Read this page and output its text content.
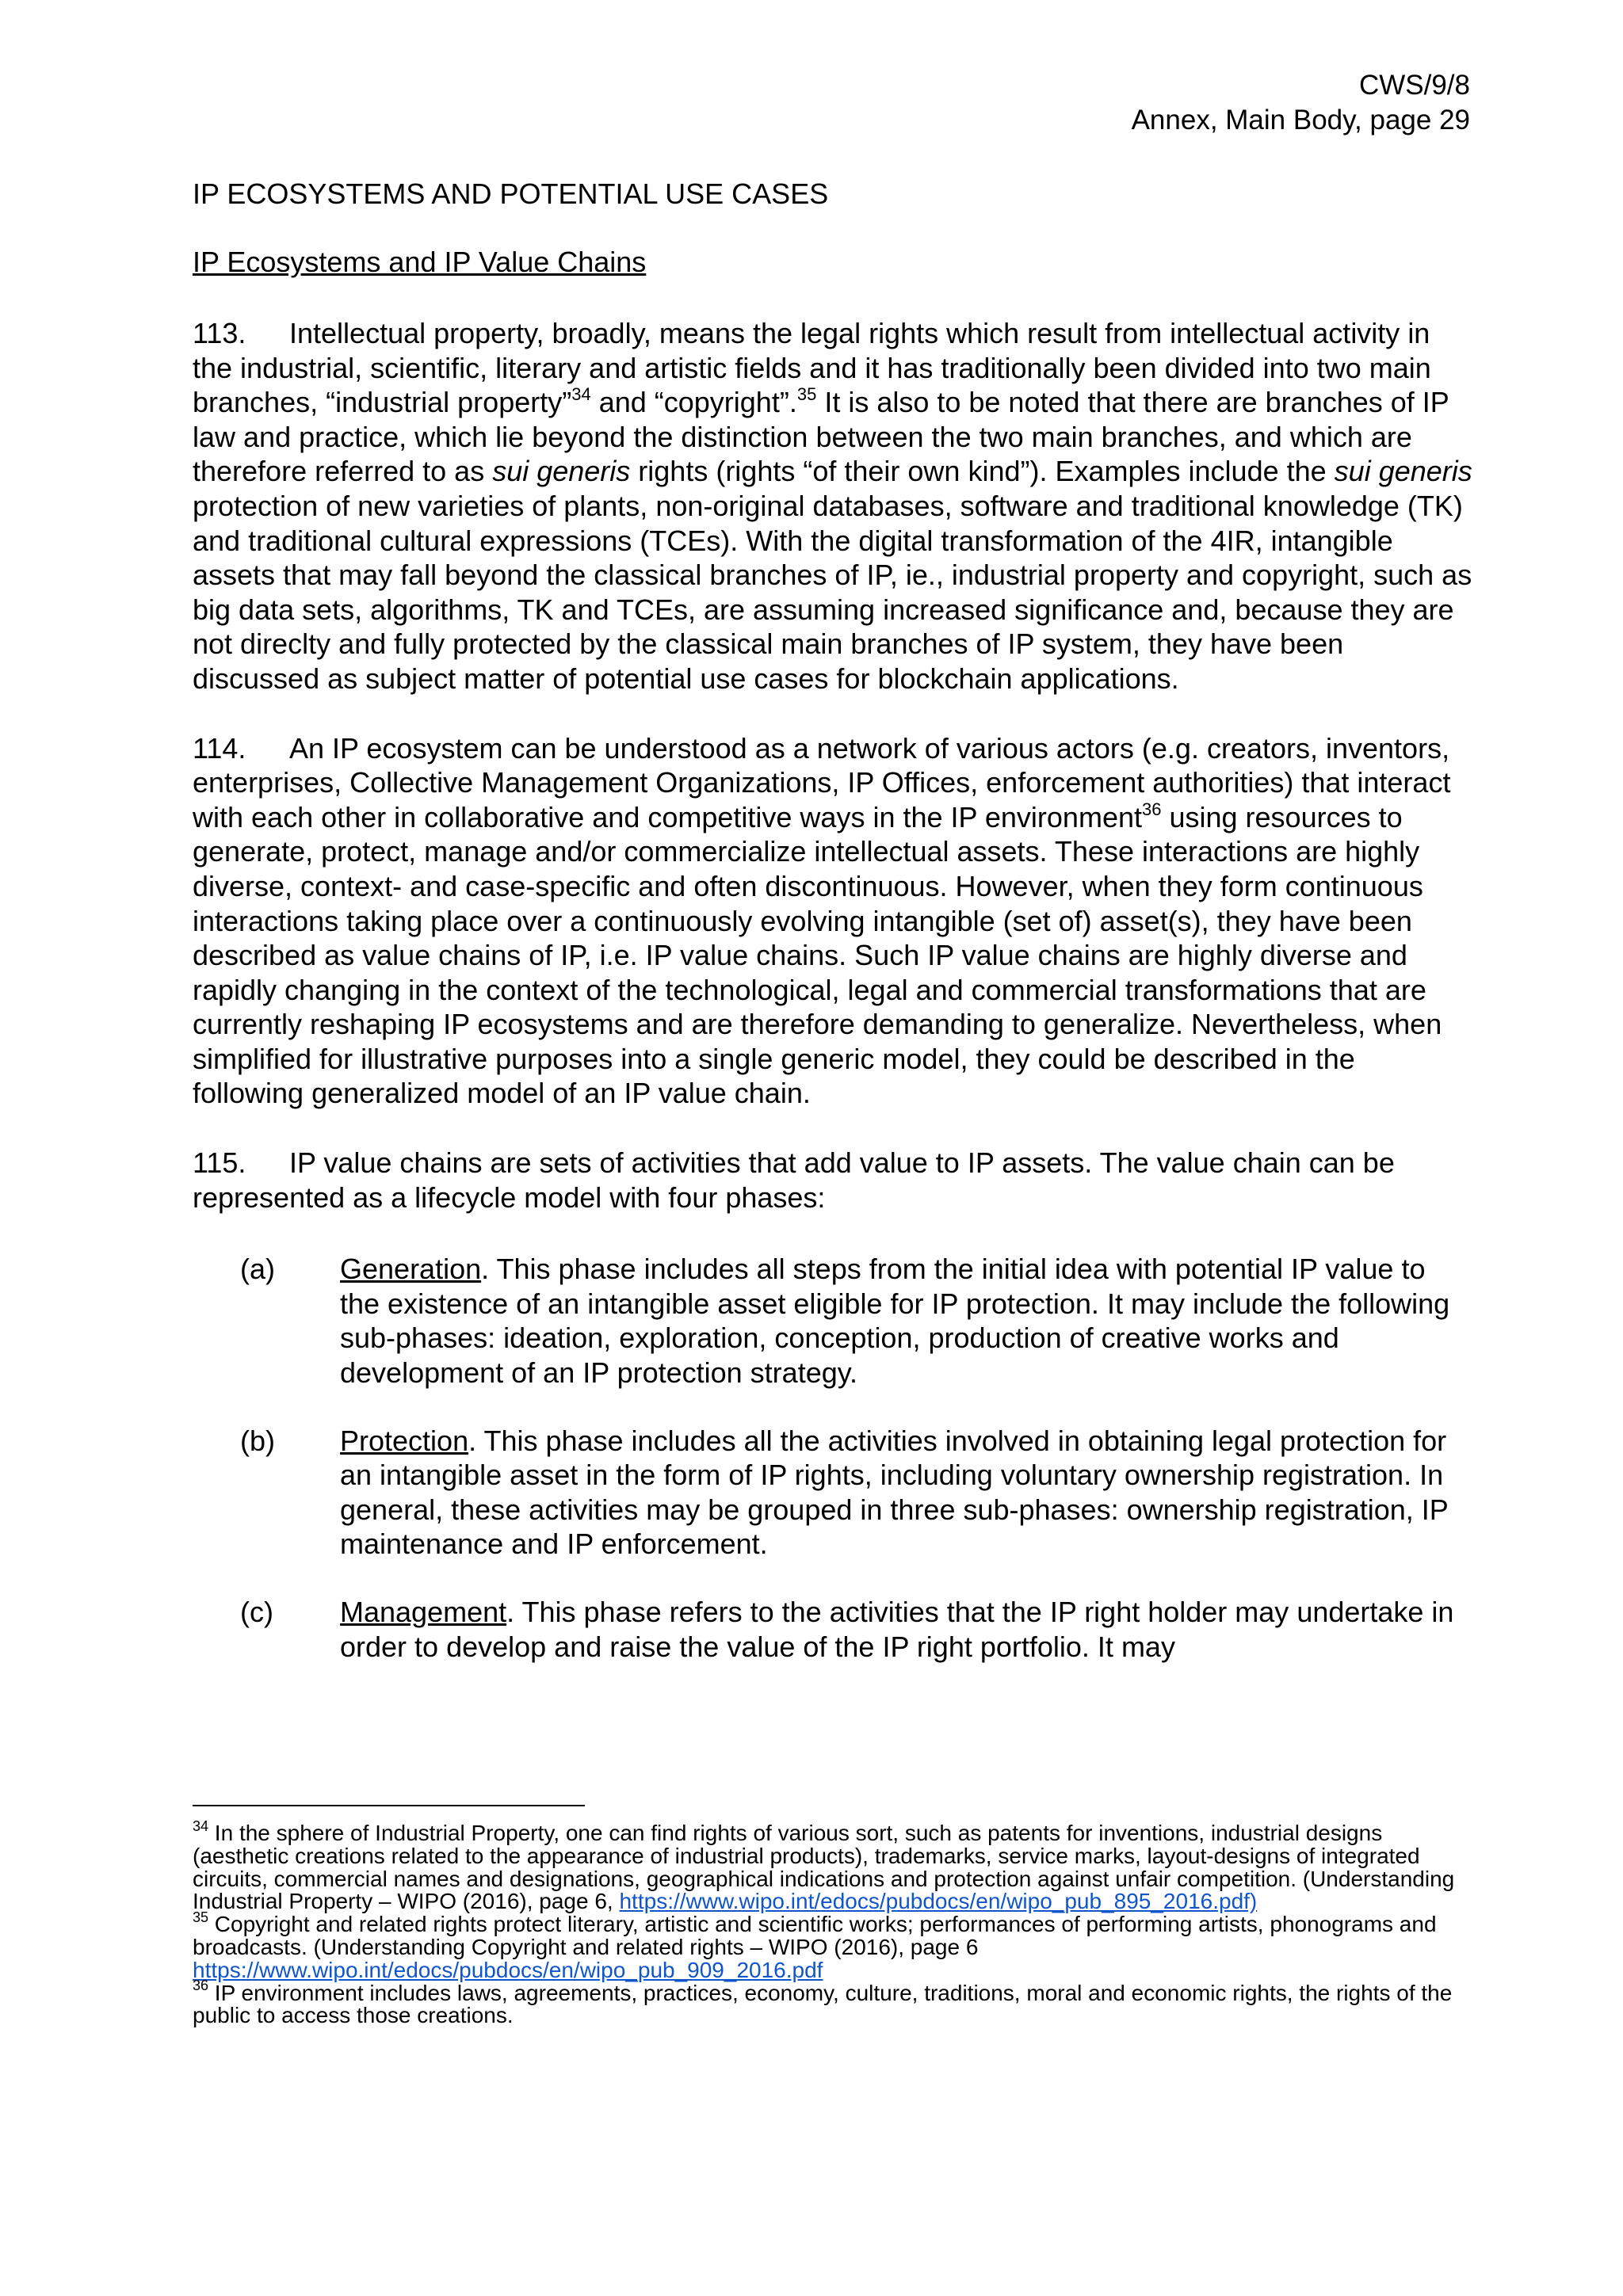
CWS/9/8
Annex, Main Body, page 29

IP ECOSYSTEMS AND POTENTIAL USE CASES

IP Ecosystems and IP Value Chains

113. Intellectual property, broadly, means the legal rights which result from intellectual activity in the industrial, scientific, literary and artistic fields and it has traditionally been divided into two main branches, “industrial property”$^{34}$ and “copyright”.$^{35}$ It is also to be noted that there are branches of IP law and practice, which lie beyond the distinction between the two main branches, and which are therefore referred to as sui generis rights (rights “of their own kind”). Examples include the sui generis protection of new varieties of plants, non-original databases, software and traditional knowledge (TK) and traditional cultural expressions (TCEs). With the digital transformation of the 4IR, intangible assets that may fall beyond the classical branches of IP, ie., industrial property and copyright, such as big data sets, algorithms, TK and TCEs, are assuming increased significance and, because they are not direclty and fully protected by the classical main branches of IP system, they have been discussed as subject matter of potential use cases for blockchain applications.

114. An IP ecosystem can be understood as a network of various actors (e.g. creators, inventors, enterprises, Collective Management Organizations, IP Offices, enforcement authorities) that interact with each other in collaborative and competitive ways in the IP environment$^{36}$ using resources to generate, protect, manage and/or commercialize intellectual assets. These interactions are highly diverse, context- and case-specific and often discontinuous. However, when they form continuous interactions taking place over a continuously evolving intangible (set of) asset(s), they have been described as value chains of IP, i.e. IP value chains. Such IP value chains are highly diverse and rapidly changing in the context of the technological, legal and commercial transformations that are currently reshaping IP ecosystems and are therefore demanding to generalize. Nevertheless, when simplified for illustrative purposes into a single generic model, they could be described in the following generalized model of an IP value chain.

115. IP value chains are sets of activities that add value to IP assets. The value chain can be represented as a lifecycle model with four phases:

(a) Generation. This phase includes all steps from the initial idea with potential IP value to the existence of an intangible asset eligible for IP protection. It may include the following sub-phases: ideation, exploration, conception, production of creative works and development of an IP protection strategy.

(b) Protection. This phase includes all the activities involved in obtaining legal protection for an intangible asset in the form of IP rights, including voluntary ownership registration. In general, these activities may be grouped in three sub-phases: ownership registration, IP maintenance and IP enforcement.

(c) Management. This phase refers to the activities that the IP right holder may undertake in order to develop and raise the value of the IP right portfolio. It may

$^{34}$ In the sphere of Industrial Property, one can find rights of various sort, such as patents for inventions, industrial designs (aesthetic creations related to the appearance of industrial products), trademarks, service marks, layout-designs of integrated circuits, commercial names and designations, geographical indications and protection against unfair competition. (Understanding Industrial Property – WIPO (2016), page 6, https://www.wipo.int/edocs/pubdocs/en/wipo_pub_895_2016.pdf)

$^{35}$ Copyright and related rights protect literary, artistic and scientific works; performances of performing artists, phonograms and broadcasts. (Understanding Copyright and related rights – WIPO (2016), page 6 https://www.wipo.int/edocs/pubdocs/en/wipo_pub_909_2016.pdf

$^{36}$ IP environment includes laws, agreements, practices, economy, culture, traditions, moral and economic rights, the rights of the public to access those creations.
